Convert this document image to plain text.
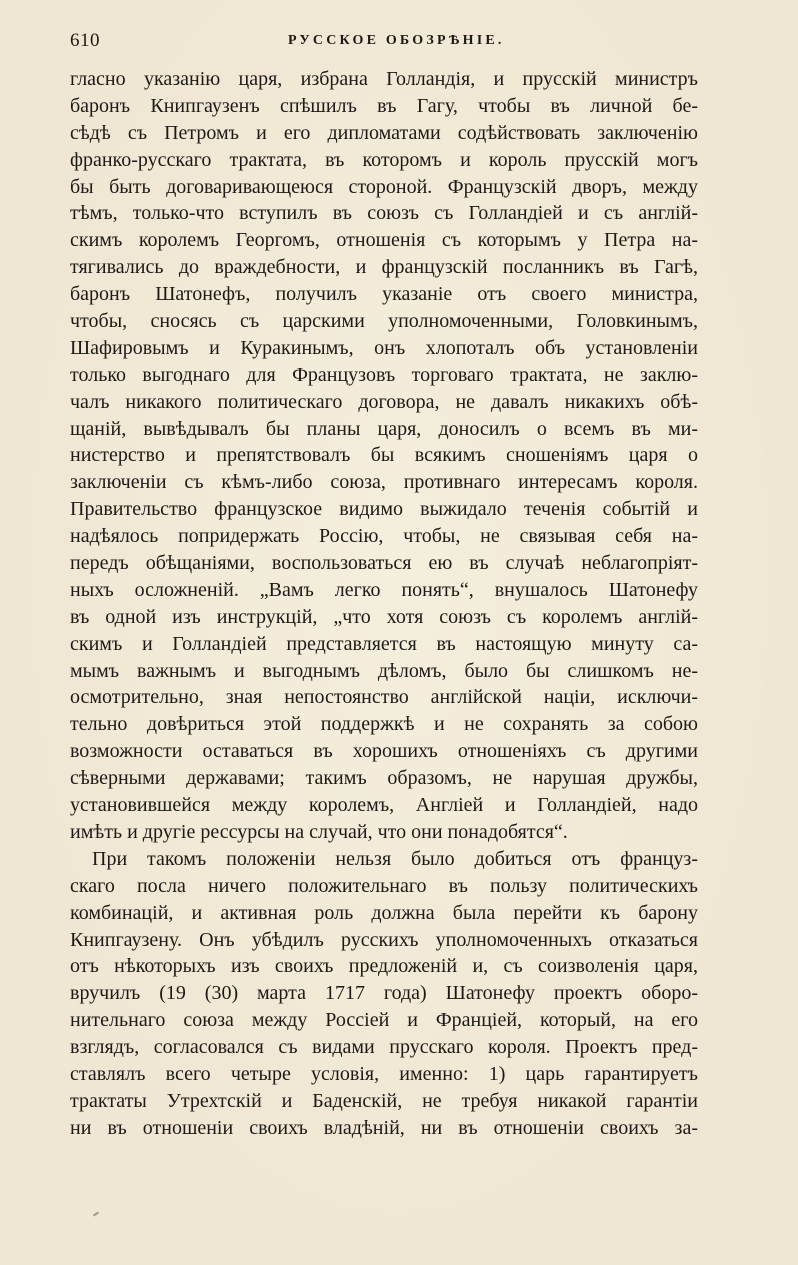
610	РУССКОЕ ОБОЗРѢНІЕ.
гласно указанію царя, избрана Голландія, и прусскій министръ
баронъ Книпгаузенъ спѣшилъ въ Гагу, чтобы въ личной бе-
сѣдѣ съ Петромъ и его дипломатами содѣйствовать заключенію
франко-русскаго трактата, въ которомъ и король прусскій могъ
бы быть договаривающеюся стороной. Французскій дворъ, между
тѣмъ, только-что вступилъ въ союзъ съ Голландіей и съ англій-
скимъ королемъ Георгомъ, отношенія съ которымъ у Петра на-
тягивались до враждебности, и французскій посланникъ въ Гагѣ,
баронъ Шатонефъ, получилъ указаніе отъ своего министра,
чтобы, сносясь съ царскими уполномоченными, Головкинымъ,
Шафировымъ и Куракинымъ, онъ хлопоталъ объ установленіи
только выгоднаго для Французовъ торговаго трактата, не заклю-
чалъ никакого политическаго договора, не давалъ никакихъ обѣ-
щаній, вывѣдывалъ бы планы царя, доносилъ о всемъ въ ми-
нистерство и препятствовалъ бы всякимъ сношеніямъ царя о
заключеніи съ кѣмъ-либо союза, противнаго интересамъ короля.
Правительство французское видимо выжидало теченія событій и
надѣялось попридержать Россію, чтобы, не связывая себя на-
передъ обѣщаніями, воспользоваться ею въ случаѣ неблагопріят-
ныхъ осложненій. „Вамъ легко понять“, внушалось Шатонефу
въ одной изъ инструкцій, „что хотя союзъ съ королемъ англій-
скимъ и Голландіей представляется въ настоящую минуту са-
мымъ важнымъ и выгоднымъ дѣломъ, было бы слишкомъ не-
осмотрительно, зная непостоянство англійской націи, исключи-
тельно довѣриться этой поддержкѣ и не сохранять за собою
возможности оставаться въ хорошихъ отношеніяхъ съ другими
сѣверными державами; такимъ образомъ, не нарушая дружбы,
установившейся между королемъ, Англіей и Голландіей, надо
имѣть и другіе рессурсы на случай, что они понадобятся“.
При такомъ положеніи нельзя было добиться отъ француз-
скаго посла ничего положительнаго въ пользу политическихъ
комбинацій, и активная роль должна была перейти къ барону
Книпгаузену. Онъ убѣдилъ русскихъ уполномоченныхъ отказаться
отъ нѣкоторыхъ изъ своихъ предложеній и, съ соизволенія царя,
вручилъ (19 (30) марта 1717 года) Шатонефу проектъ оборо-
нительнаго союза между Россіей и Франціей, который, на его
взглядъ, согласовался съ видами прусскаго короля. Проектъ пред-
ставлялъ всего четыре условія, именно: 1) царь гарантируетъ
трактаты Утрехтскій и Баденскій, не требуя никакой гарантіи
ни въ отношеніи своихъ владѣній, ни въ отношеніи своихъ за-
